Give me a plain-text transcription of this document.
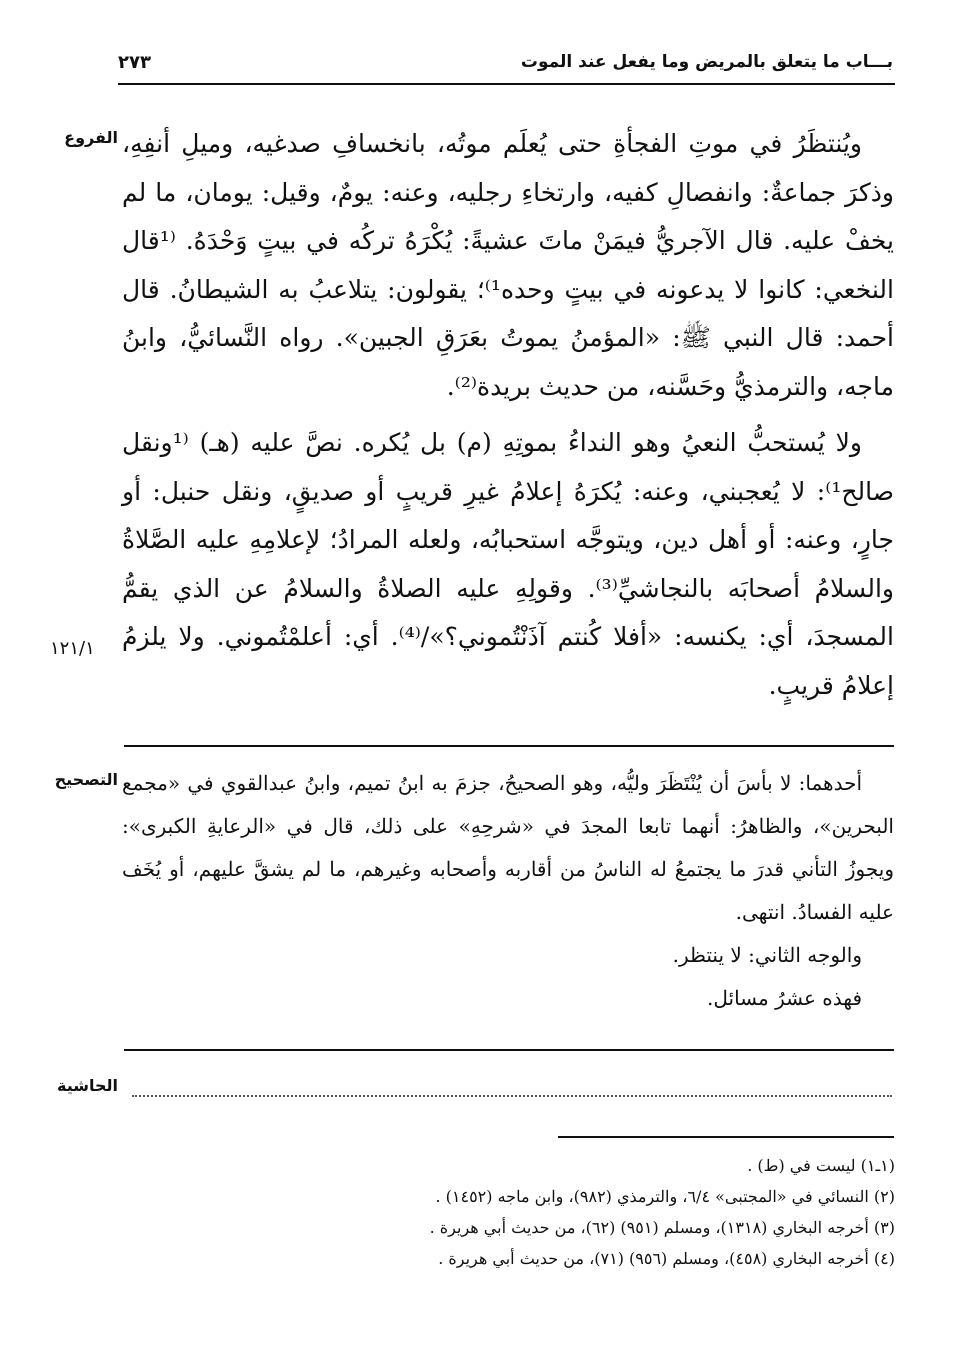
بـــاب ما يتعلق بالمريض وما يفعل عند الموت
٢٧٣
الفروع
١٢١/١

ويُنتظَرُ في موتِ الفجأةِ حتى يُعلَم موتُه، بانخسافِ صدغيه، وميلِ أنفِهِ، وذكرَ جماعةٌ: وانفصالِ كفيه، وارتخاءِ رجليه، وعنه: يومٌ، وقيل: يومان، ما لم يخفْ عليه. قال الآجريُّ فيمَنْ ماتَ عشيةً: يُكْرَهُ تركُه في بيتٍ وَحْدَهُ. ⁽¹قال النخعي: كانوا لا يدعونه في بيتٍ وحده¹⁾؛ يقولون: يتلاعبُ به الشيطانُ. قال أحمد: قال النبي ﷺ: «المؤمنُ يموتُ بعَرَقِ الجبين». رواه النَّسائيُّ، وابنُ ماجه، والترمذيُّ وحَسَّنه، من حديث بريدة⁽²⁾.

ولا يُستحبُّ النعيُ وهو النداءُ بموتِهِ (م) بل يُكره. نصَّ عليه (هـ) ⁽¹ونقل صالح¹⁾: لا يُعجبني، وعنه: يُكرَهُ إعلامُ غيرِ قريبٍ أو صديقٍ، ونقل حنبل: أو جارٍ، وعنه: أو أهل دين، ويتوجَّه استحبابُه، ولعله المرادُ؛ لإعلامِهِ عليه الصَّلاةُ والسلامُ أصحابَه بالنجاشيِّ⁽³⁾. وقولِهِ عليه الصلاةُ والسلامُ عن الذي يقمُّ المسجدَ، أي: يكنسه: «أفلا كُنتم آذَنْتُموني؟»/⁽⁴⁾. أي: أعلمْتُموني. ولا يلزمُ إعلامُ قريبٍ.

التصحيح أحدهما: لا بأسَ أن يُنْتَظَرَ وليُّه، وهو الصحيحُ، جزمَ به ابنُ تميم، وابنُ عبدالقوي في «مجمع البحرين»، والظاهرُ: أنهما تابعا المجدَ في «شرحِهِ» على ذلك، قال في «الرعايةِ الكبرى»: ويجوزُ التأني قدرَ ما يجتمعُ له الناسُ من أقاربه وأصحابه وغيرهم، ما لم يشقَّ عليهم، أو يُخَف عليه الفسادُ. انتهى.

والوجه الثاني: لا ينتظر.

فهذه عشرُ مسائل.

الحاشية
(١ـ١) ليست في (ط) .
(٢) النسائي في «المجتبى» ٦/٤، والترمذي (٩٨٢)، وابن ماجه (١٤٥٢) .
(٣) أخرجه البخاري (١٣١٨)، ومسلم (٩٥١) (٦٢)، من حديث أبي هريرة .
(٤) أخرجه البخاري (٤٥٨)، ومسلم (٩٥٦) (٧١)، من حديث أبي هريرة .
